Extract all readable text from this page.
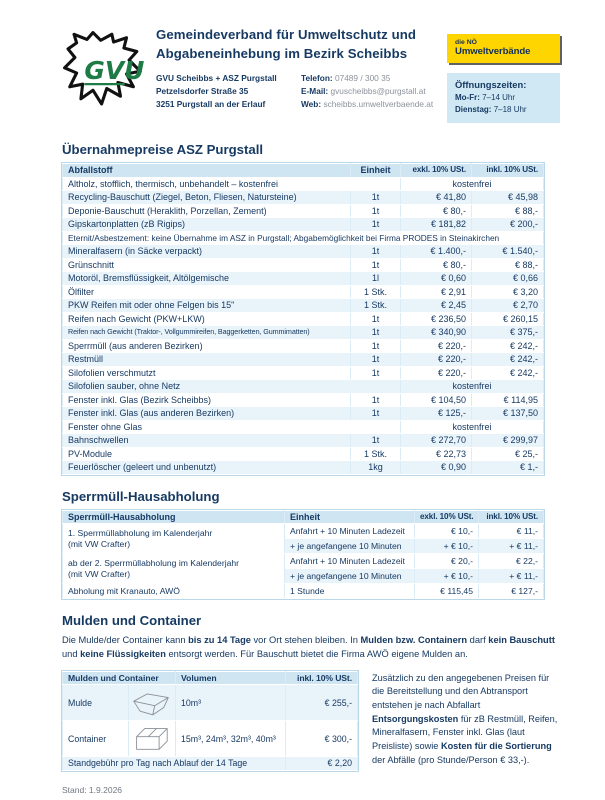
GVU
Gemeindeverband für Umweltschutz und
Abgabeneinhebung im Bezirk Scheibbs
GVU Scheibbs + ASZ Purgstall
Petzelsdorfer Straße 35
3251 Purgstall an der Erlauf
Telefon: 07489 / 300 35
E-Mail: gvuscheibbs@purgstall.at
Web: scheibbs.umweltverbaende.at
die NÖ
Umweltverbände
Öffnungszeiten:
Mo-Fr: 7–14 Uhr
Dienstag: 7–18 Uhr
Übernahmepreise ASZ Purgstall
Abfallstoff	Einheit	exkl. 10% USt.	inkl. 10% USt.
Altholz, stofflich, thermisch, unbehandelt – kostenfrei		kostenfrei	
Recycling-Bauschutt (Ziegel, Beton, Fliesen, Natursteine)	1t	€ 41,80	€ 45,98
Deponie-Bauschutt (Heraklith, Porzellan, Zement)	1t	€ 80,-	€ 88,-
Gipskartonplatten (zB Rigips)	1t	€ 181,82	€ 200,-
Eternit/Asbestzement: keine Übernahme im ASZ in Purgstall; Abgabemöglichkeit bei Firma PRODES in Steinakirchen			
Mineralfasern (in Säcke verpackt)	1t	€ 1.400,-	€ 1.540,-
Grünschnitt	1t	€ 80,-	€ 88,-
Motoröl, Bremsflüssigkeit, Altölgemische	1l	€ 0,60	€ 0,66
Ölfilter	1 Stk.	€ 2,91	€ 3,20
PKW Reifen mit oder ohne Felgen bis 15"	1 Stk.	€ 2,45	€ 2,70
Reifen nach Gewicht (PKW+LKW)	1t	€ 236,50	€ 260,15
Reifen nach Gewicht (Traktor-, Vollgummireifen, Baggerketten, Gummimatten)	1t	€ 340,90	€ 375,-
Sperrmüll (aus anderen Bezirken)	1t	€ 220,-	€ 242,-
Restmüll	1t	€ 220,-	€ 242,-
Silofolien verschmutzt	1t	€ 220,-	€ 242,-
Silofolien sauber, ohne Netz		kostenfrei	
Fenster inkl. Glas (Bezirk Scheibbs)	1t	€ 104,50	€ 114,95
Fenster inkl. Glas (aus anderen Bezirken)	1t	€ 125,-	€ 137,50
Fenster ohne Glas		kostenfrei	
Bahnschwellen	1t	€ 272,70	€ 299,97
PV-Module	1 Stk.	€ 22,73	€ 25,-
Feuerlöscher (geleert und unbenutzt)	1kg	€ 0,90	€ 1,-
Sperrmüll-Hausabholung
Sperrmüll-Hausabholung	Einheit	exkl. 10% USt.	inkl. 10% USt.

1. Sperrmüllabholung im Kalenderjahr
(mit VW Crafter)	Anfahrt + 10 Minuten Ladezeit	€ 10,-	€ 11,-
	+ je angefangene 10 Minuten	+ € 10,-	+ € 11,-

ab der 2. Sperrmüllabholung im Kalenderjahr
(mit VW Crafter)	Anfahrt + 10 Minuten Ladezeit	€ 20,-	€ 22,-
	+ je angefangene 10 Minuten	+ € 10,-	+ € 11,-

Abholung mit Kranauto, AWÖ	1 Stunde	€ 115,45	€ 127,-
Mulden und Container

Die Mulde/der Container kann bis zu 14 Tage vor Ort stehen bleiben. In Mulden bzw. Containern darf kein Bauschutt und keine Flüssigkeiten entsorgt werden. Für Bauschutt bietet die Firma AWÖ eigene Mulden an.

Mulden und Container		Volumen	inkl. 10% USt.
Mulde		10m³	€ 255,-
Container		15m³, 24m³, 32m³, 40m³	€ 300,-
Standgebühr pro Tag nach Ablauf der 14 Tage			€ 2,20
Zusätzlich zu den angegebenen Preisen für die Bereitstellung und den Abtransport entstehen je nach Abfallart Entsorgungskosten für zB Restmüll, Reifen, Mineralfasern, Fenster inkl. Glas (laut Preisliste) sowie Kosten für die Sortierung der Abfälle (pro Stunde/Person € 33,-).
Stand: 1.9.2026
